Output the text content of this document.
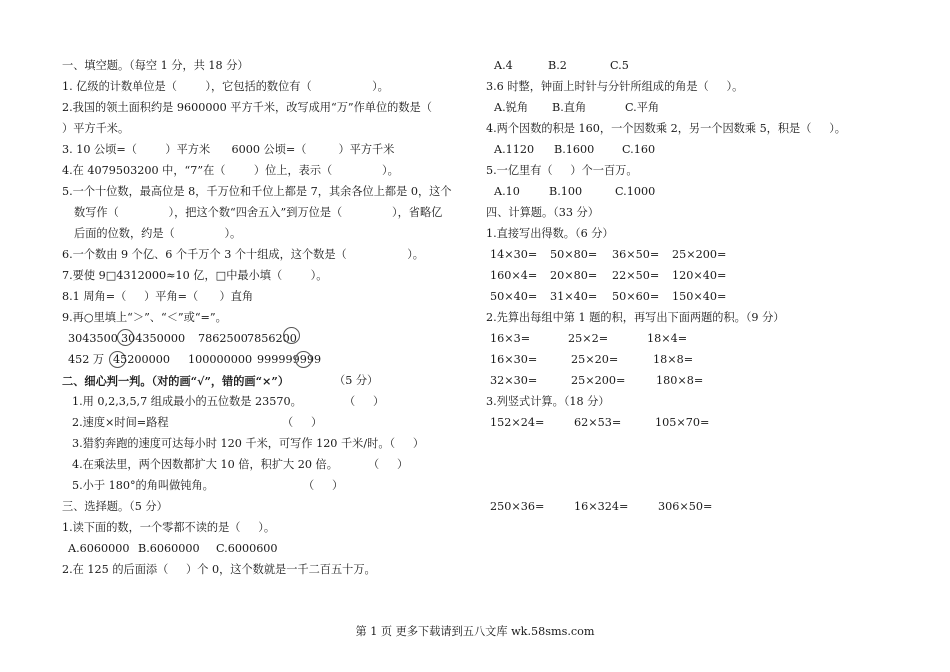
一、填空题。（每空 1 分，共 18 分）
1. 亿级的计数单位是（        ），它包括的数位有（                 ）。
2.我国的领土面积约是 9600000 平方千米，改写成用“万”作单位的数是（
）平方千米。
3. 10 公顷=（        ）平方米      6000 公顷=（         ）平方千米
4.在 4079503200 中，“7”在（        ）位上，表示（              ）。
5.一个十位数，最高位是 8，千万位和千位上都是 7，其余各位上都是 0，这个
数写作（              ），把这个数“四舍五入”到万位是（              ），省略亿
后面的位数，约是（              ）。
6.一个数由 9 个亿、6 个千万个 3 个十组成，这个数是（                 ）。
7.要使 9□4312000≈10 亿，□中最小填（        ）。
8.1 周角=（     ）平角=（      ）直角
9.再○里填上“＞”、“＜”或“=”。
3043500 304350000 7862500 7856200
452 万 45200000 100000000 999999999
二、细心判一判。（对的画“√”，错的画“×”）	（5 分）
1.用 0,2,3,5,7 组成最小的五位数是 23570。	（     ）
2.速度×时间=路程	（     ）
3.猎豹奔跑的速度可达每小时 120 千米，可写作 120 千米/时。（     ）
4.在乘法里，两个因数都扩大 10 倍，积扩大 20 倍。	（     ）
5.小于 180°的角叫做钝角。	（     ）
三、选择题。（5 分）
1.读下面的数，一个零都不读的是（     ）。
A.6060000 B.6060000 C.6000600
2.在 125 的后面添（     ）个 0，这个数就是一千二百五十万。
A.4	B.2	C.5
3.6 时整，钟面上时针与分针所组成的角是（     ）。
A.锐角 B.直角	C.平角
4.两个因数的积是 160，一个因数乘 2，另一个因数乘 5，积是（     ）。
A.1120 B.1600 C.160
5.一亿里有（     ）个一百万。
A.10	B.100	C.1000
四、计算题。（33 分）
1.直接写出得数。（6 分）
14×30= 50×80= 36×50= 25×200=
160×4= 20×80= 22×50= 120×40=
50×40= 31×40= 50×60= 150×40=
2.先算出每组中第 1 题的积，再写出下面两题的积。（9 分）
16×3=	25×2=	18×4=
16×30=	25×20=	18×8=
32×30=	25×200=	180×8=
3.列竖式计算。（18 分）
152×24=	62×53=	105×70=
250×36=	16×324=	306×50=
第 1 页 更多下载请到五八文库 wk.58sms.com
